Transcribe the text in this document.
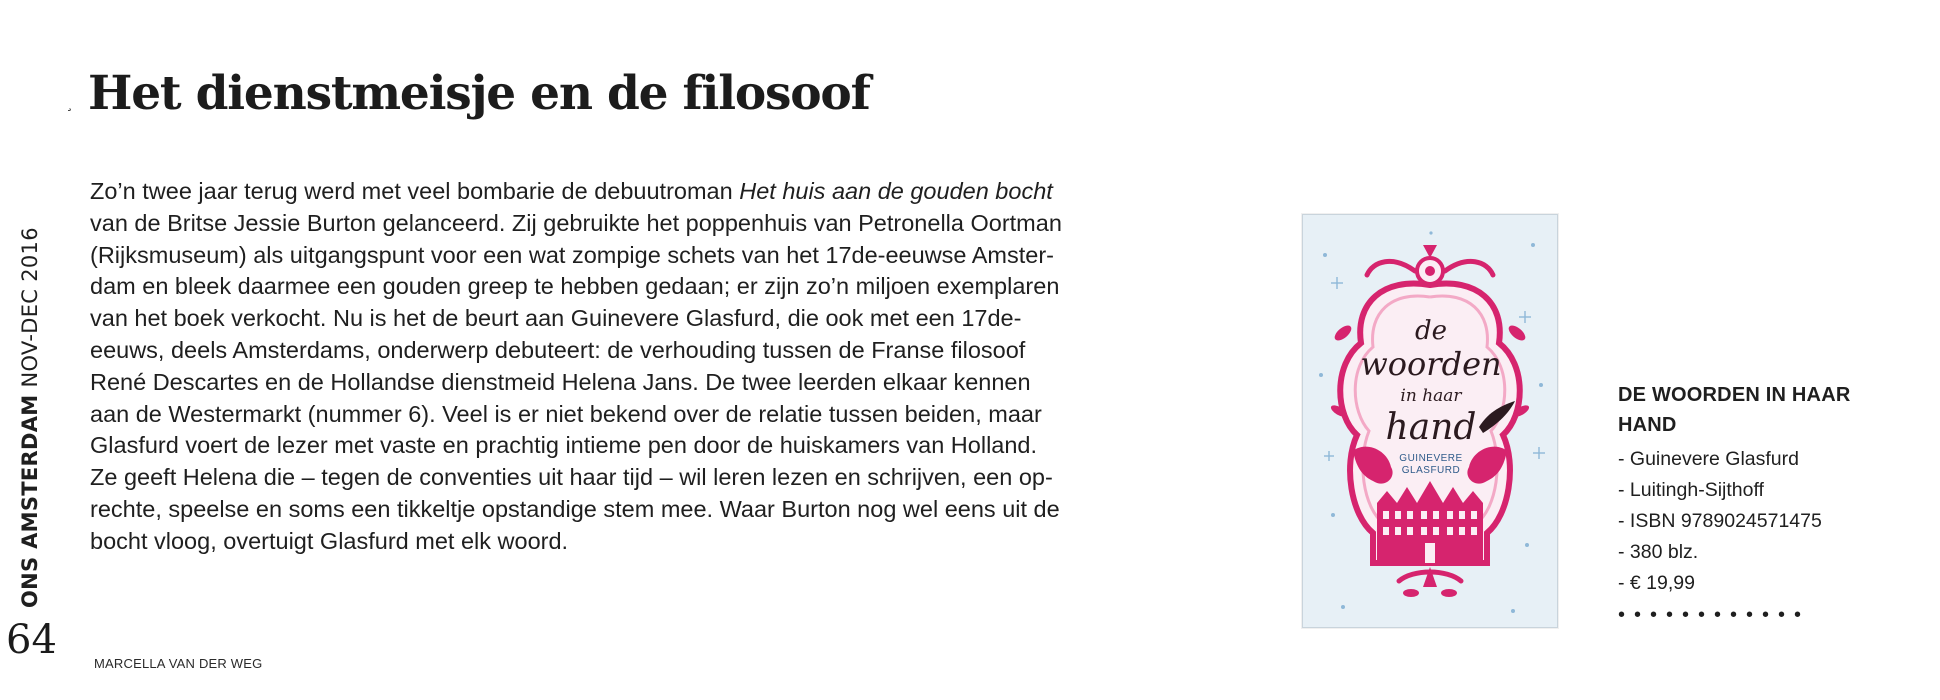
ONS AMSTERDAM NOV-DEC 2016
64
¸ Het dienstmeisje en de filosoof
Zo’n twee jaar terug werd met veel bombarie de debuutroman Het huis aan de gouden bocht
van de Britse Jessie Burton gelanceerd. Zij gebruikte het poppenhuis van Petronella Oortman
(Rijksmuseum) als uitgangspunt voor een wat zompige schets van het 17de-eeuwse Amster-
dam en bleek daarmee een gouden greep te hebben gedaan; er zijn zo’n miljoen exemplaren
van het boek verkocht. Nu is het de beurt aan Guinevere Glasfurd, die ook met een 17de-
eeuws, deels Amsterdams, onderwerp debuteert: de verhouding tussen de Franse filosoof
René Descartes en de Hollandse dienstmeid Helena Jans. De twee leerden elkaar kennen
aan de Westermarkt (nummer 6). Veel is er niet bekend over de relatie tussen beiden, maar
Glasfurd voert de lezer met vaste en prachtig intieme pen door de huiskamers van Holland.
Ze geeft Helena die – tegen de conventies uit haar tijd – wil leren lezen en schrijven, een op-
rechte, speelse en soms een tikkeltje opstandige stem mee. Waar Burton nog wel eens uit de
bocht vloog, overtuigt Glasfurd met elk woord.
MARCELLA VAN DER WEG
de
woorden
in haar
hand
GUINEVERE
GLASFURD
DE WOORDEN IN HAAR HAND
- Guinevere Glasfurd
- Luitingh-Sijthoff
- ISBN 9789024571475
- 380 blz.
- € 19,99
••••••••••••
